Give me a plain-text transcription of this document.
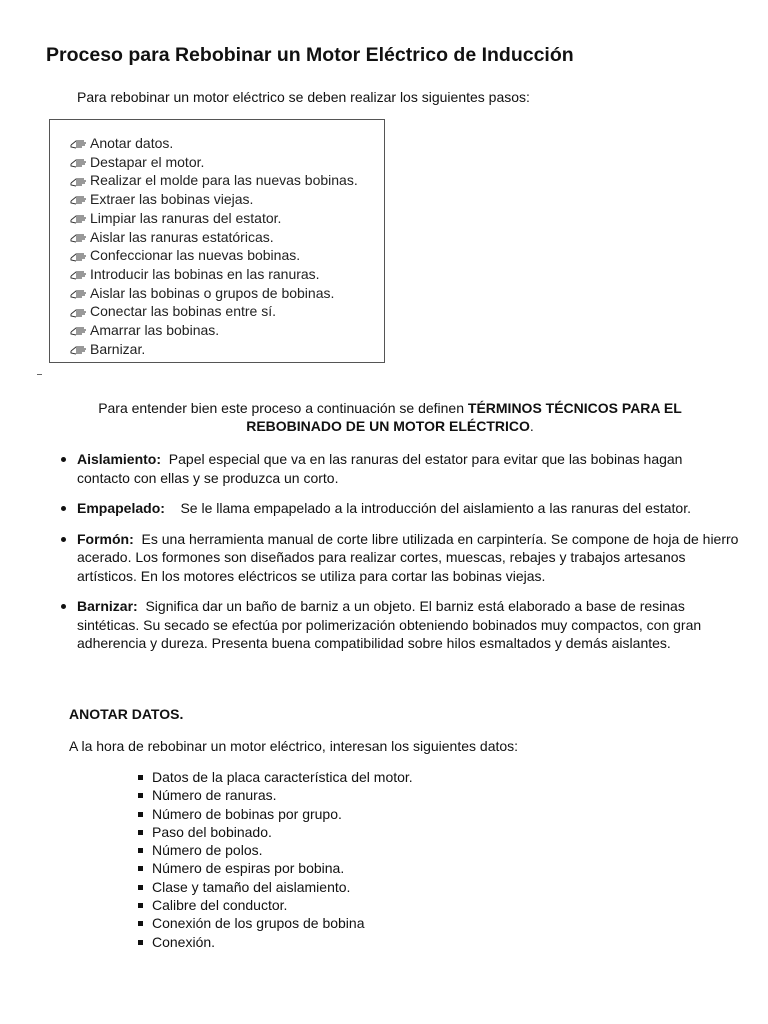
Proceso para Rebobinar un Motor Eléctrico de Inducción
Para rebobinar un motor eléctrico se deben realizar los siguientes pasos:
Anotar datos.
Destapar el motor.
Realizar el molde para las nuevas bobinas.
Extraer las bobinas viejas.
Limpiar las ranuras del estator.
Aislar las ranuras estatóricas.
Confeccionar las nuevas bobinas.
Introducir las bobinas en las ranuras.
Aislar las bobinas o grupos de bobinas.
Conectar las bobinas entre sí.
Amarrar las bobinas.
Barnizar.
Para entender bien este proceso a continuación se definen TÉRMINOS TÉCNICOS PARA EL REBOBINADO DE UN MOTOR ELÉCTRICO.
Aislamiento: Papel especial que va en las ranuras del estator para evitar que las bobinas hagan contacto con ellas y se produzca un corto.
Empapelado: Se le llama empapelado a la introducción del aislamiento a las ranuras del estator.
Formón: Es una herramienta manual de corte libre utilizada en carpintería. Se compone de hoja de hierro acerado. Los formones son diseñados para realizar cortes, muescas, rebajes y trabajos artesanos artísticos. En los motores eléctricos se utiliza para cortar las bobinas viejas.
Barnizar: Significa dar un baño de barniz a un objeto. El barniz está elaborado a base de resinas sintéticas. Su secado se efectúa por polimerización obteniendo bobinados muy compactos, con gran adherencia y dureza. Presenta buena compatibilidad sobre hilos esmaltados y demás aislantes.
ANOTAR DATOS.
A la hora de rebobinar un motor eléctrico, interesan los siguientes datos:
Datos de la placa característica del motor.
Número de ranuras.
Número de bobinas por grupo.
Paso del bobinado.
Número de polos.
Número de espiras por bobina.
Clase y tamaño del aislamiento.
Calibre del conductor.
Conexión de los grupos de bobina
Conexión.
